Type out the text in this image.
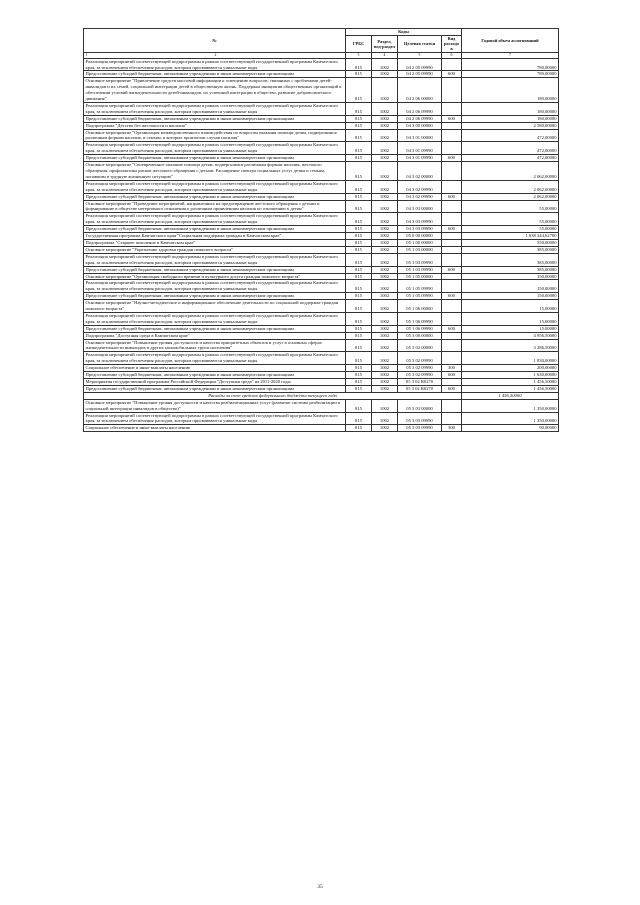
№	Коды				Годовой объем ассигнований
	ГРБС	Раздел, под-раздел	Целевая статья	Вид расходов	

1 2	3	4	5	6	7
Реализация мероприятий соответствующей подпрограммы в рамках соответствующей государственной программы Камчатского края, за исключением обеспечения расходов, которым присваиваются уникальные коды	815	1002	04 2 05 09990		780,00000
Предоставление субсидий бюджетным, автономным учреждениям и иным некоммерческим организациям	815	1002	04 2 05 09990	600	780,00000
Основное мероприятие "Привлечение средств массовой информации к освещению вопросов, связанных с проблемами детей-инвалидов и их семей, социальной интеграции детей в общественную жизнь. Поддержка инициатив общественных организаций в обеспечении условий жизнедеятельности детей-инвалидов, их успешной интеграции в общество, развитие добровольческого движения"	815	1002	04 2 06 00000		180,00000
Реализация мероприятий соответствующей подпрограммы в рамках соответствующей государственной программы Камчатского края, за исключением обеспечения расходов, которым присваиваются уникальные коды	815	1002	04 2 06 09990		180,00000
Предоставление субсидий бюджетным, автономным учреждениям и иным некоммерческим организациям	815	1002	04 2 06 09990	600	180,00000
Подпрограмма "Детство без жестокости и насилия"	815	1002	04 3 00 00000		2 580,00000
Основное мероприятие "Организация межведомственного взаимодействия по вопросам оказания помощи детям, подвергшимся различным формам насилия, и семьям, в которых произошли случаи насилия"	815	1002	04 3 01 00000		472,00000
Реализация мероприятий соответствующей подпрограммы в рамках соответствующей государственной программы Камчатского края, за исключением обеспечения расходов, которым присваиваются уникальные коды	815	1002	04 3 01 09990		472,00000
Предоставление субсидий бюджетным, автономным учреждениям и иным некоммерческим организациям	815	1002	04 3 01 09990	600	472,00000
Основное мероприятие "Своевременное оказание помощи детям, подвергшимся различным формам насилия, жестокого обращения, профилактика рисков жестокого обращения с детьми. Расширение спектра социальных услуг детям и семьям, попавшим в трудную жизненную ситуацию"	815	1002	04 3 02 00000		2 062,00000
Реализация мероприятий соответствующей подпрограммы в рамках соответствующей государственной программы Камчатского края, за исключением обеспечения расходов, которым присваиваются уникальные коды	815	1002	04 3 02 09990		2 062,00000
Предоставление субсидий бюджетным, автономным учреждениям и иным некоммерческим организациям	815	1002	04 3 02 09990	600	2 062,00000
Основное мероприятие "Проведение мероприятий, направленных на предотвращение жестокого обращения с детьми и формирование в обществе нетерпимого отношения к различным проявлениям насилия по отношению к детям"	815	1002	04 3 03 00000		55,00000
Реализация мероприятий соответствующей подпрограммы в рамках соответствующей государственной программы Камчатского края, за исключением обеспечения расходов, которым присваиваются уникальные коды	815	1002	04 3 03 09990		55,00000
Предоставление субсидий бюджетным, автономным учреждениям и иным некоммерческим организациям	815	1002	04 3 03 09990	600	55,00000
Государственная программа Камчатского края "Социальная поддержка граждан в Камчатском крае"	815	1002	05 0 00 00000		1 638 344,62700
Подпрограмма "Старшее поколение в Камчатском крае"	815	1002	05 1 00 00000		550,00000
Основное мероприятие "Укрепление здоровья граждан пожилого возраста"	815	1002	05 1 03 00000		385,00000
Реализация мероприятий соответствующей подпрограммы в рамках соответствующей государственной программы Камчатского края, за исключением обеспечения расходов, которым присваиваются уникальные коды	815	1002	05 1 03 09990		385,00000
Предоставление субсидий бюджетным, автономным учреждениям и иным некоммерческим организациям	815	1002	05 1 03 09990	600	385,00000
Основное мероприятие "Организация свободного времени и культурного досуга граждан пожилого возраста"	815	1002	05 1 05 00000		150,00000
Реализация мероприятий соответствующей подпрограммы в рамках соответствующей государственной программы Камчатского края, за исключением обеспечения расходов, которым присваиваются уникальные коды	815	1002	05 1 05 09990		150,00000
Предоставление субсидий бюджетным, автономным учреждениям и иным некоммерческим организациям	815	1002	05 1 05 09990	600	150,00000
Основное мероприятие "Научно-методическое и информационное обеспечение деятельности по социальной поддержке граждан пожилого возраста"	815	1002	05 1 06 00000		15,00000
Реализация мероприятий соответствующей подпрограммы в рамках соответствующей государственной программы Камчатского края, за исключением обеспечения расходов, которым присваиваются уникальные коды	815	1002	05 1 06 09990		15,00000
Предоставление субсидий бюджетным, автономным учреждениям и иным некоммерческим организациям	815	1002	05 1 06 09990	600	15,00000
Подпрограмма "Доступная среда в Камчатском крае"	815	1002	05 3 00 00000		4 956,50000
Основное мероприятие "Повышение уровня доступности и качества приоритетных объектов и услуг в основных сферах жизнедеятельности инвалидов и других маломобильных групп населения"	815	1002	05 3 02 00000		3 286,50000
Реализация мероприятий соответствующей подпрограммы в рамках соответствующей государственной программы Камчатского края, за исключением обеспечения расходов, которым присваиваются уникальные коды	815	1002	05 3 02 09990		1 830,00000
Социальное обеспечение и иные выплаты населению	815	1002	05 3 02 09990	300	200,00000
Предоставление субсидий бюджетным, автономным учреждениям и иным некоммерческим организациям	815	1002	05 3 02 09990	600	1 630,00000
Мероприятия государственной программы Российской Федерации "Доступная среда" на 2011-2020 годы	815	1002	05 3 02 R0270		1 456,50000
Предоставление субсидий бюджетным, автономным учреждениям и иным некоммерческим организациям	815	1002	05 3 02 R0270	600	1 456,50000
Расходы за счет средств федерального бюджета текущего года					1 456,50000
Основное мероприятие "Повышение уровня доступности и качества реабилитационных услуг (развитие системы реабилитации и социальной интеграции инвалидов в общество)"	815	1002	05 3 03 00000		1 350,00000
Реализация мероприятий соответствующей подпрограммы в рамках соответствующей государственной программы Камчатского края, за исключением обеспечения расходов, которым присваиваются уникальные коды	815	1002	05 3 03 09990		1 350,00000
Социальное обеспечение и иные выплаты населению	815	1002	05 3 03 09990	300	90,00000
35
